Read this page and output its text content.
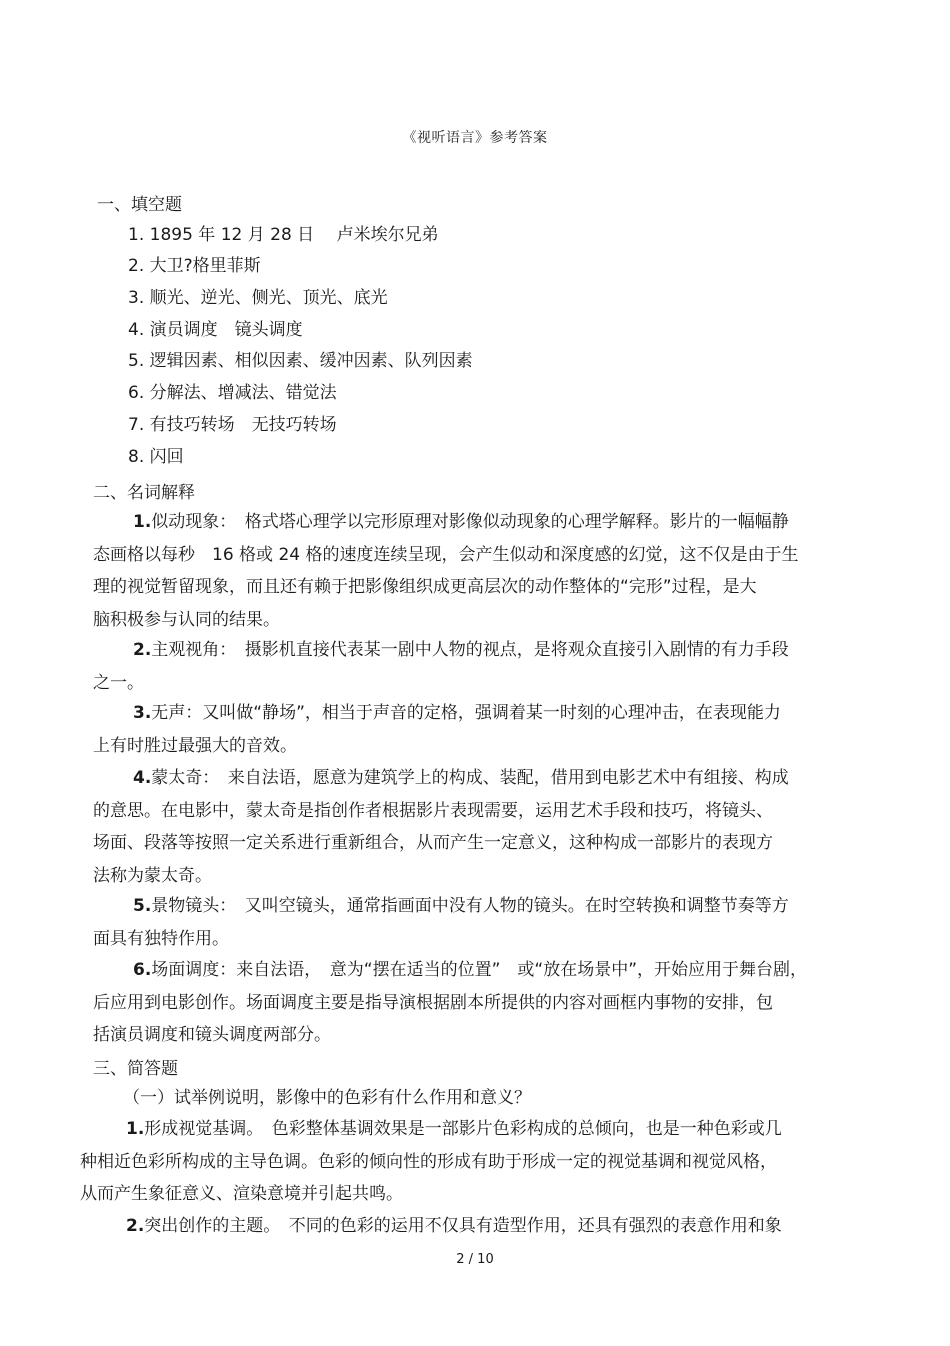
《视听语言》参考答案
一、填空题
1. 1895 年 12 月 28 日　 卢米埃尔兄弟
2. 大卫?格里菲斯
3. 顺光、逆光、侧光、顶光、底光
4. 演员调度　镜头调度
5. 逻辑因素、相似因素、缓冲因素、队列因素
6. 分解法、增减法、错觉法
7. 有技巧转场　无技巧转场
8. 闪回
二、名词解释
1.似动现象：　格式塔心理学以完形原理对影像似动现象的心理学解释。影片的一幅幅静
态画格以每秒　16 格或 24 格的速度连续呈现，会产生似动和深度感的幻觉，这不仅是由于生
理的视觉暂留现象，而且还有赖于把影像组织成更高层次的动作整体的“完形”过程，是大
脑积极参与认同的结果。
2.主观视角：　摄影机直接代表某一剧中人物的视点，是将观众直接引入剧情的有力手段
之一。
3.无声：又叫做“静场”，相当于声音的定格，强调着某一时刻的心理冲击，在表现能力
上有时胜过最强大的音效。
4.蒙太奇：　来自法语，愿意为建筑学上的构成、装配，借用到电影艺术中有组接、构成
的意思。在电影中，蒙太奇是指创作者根据影片表现需要，运用艺术手段和技巧，将镜头、
场面、段落等按照一定关系进行重新组合，从而产生一定意义，这种构成一部影片的表现方
法称为蒙太奇。
5.景物镜头：　又叫空镜头，通常指画面中没有人物的镜头。在时空转换和调整节奏等方
面具有独特作用。
6.场面调度：来自法语，　意为“摆在适当的位置”　或“放在场景中”，开始应用于舞台剧，
后应用到电影创作。场面调度主要是指导演根据剧本所提供的内容对画框内事物的安排，包
括演员调度和镜头调度两部分。
三、简答题
（一）试举例说明，影像中的色彩有什么作用和意义？
1.形成视觉基调。　色彩整体基调效果是一部影片色彩构成的总倾向，也是一种色彩或几
种相近色彩所构成的主导色调。色彩的倾向性的形成有助于形成一定的视觉基调和视觉风格，
从而产生象征意义、渲染意境并引起共鸣。
2.突出创作的主题。　不同的色彩的运用不仅具有造型作用，还具有强烈的表意作用和象
2 / 10
